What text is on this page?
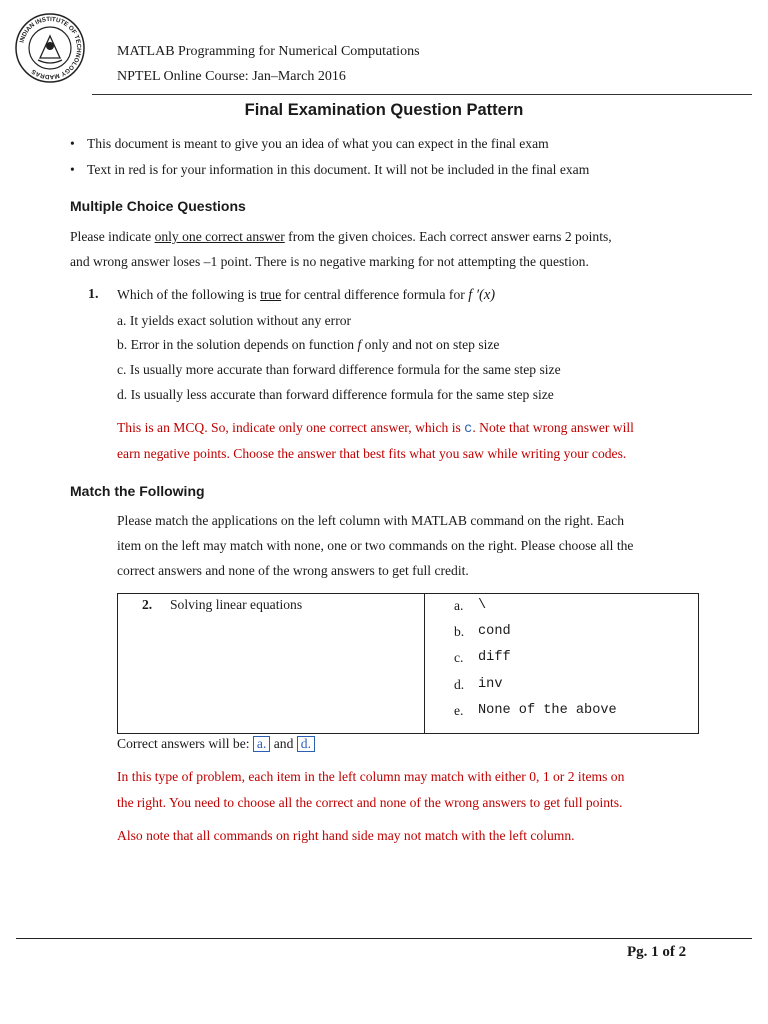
INDIAN INSTITUTE OF TECHNOLOGY MADRAS
MATLAB Programming for Numerical Computations
NPTEL Online Course: Jan–March 2016
Final Examination Question Pattern
• This document is meant to give you an idea of what you can expect in the final exam
• Text in red is for your information in this document. It will not be included in the final exam
Multiple Choice Questions
Please indicate only one correct answer from the given choices. Each correct answer earns 2 points,
and wrong answer loses –1 point. There is no negative marking for not attempting the question.
1. Which of the following is true for central difference formula for f ′(x)
a. It yields exact solution without any error
b. Error in the solution depends on function f only and not on step size
c. Is usually more accurate than forward difference formula for the same step size
d. Is usually less accurate than forward difference formula for the same step size
This is an MCQ. So, indicate only one correct answer, which is c. Note that wrong answer will
earn negative points. Choose the answer that best fits what you saw while writing your codes.
Match the Following
Please match the applications on the left column with MATLAB command on the right. Each
item on the left may match with none, one or two commands on the right. Please choose all the
correct answers and none of the wrong answers to get full credit.
2. Solving linear equations	a. \
b. cond
c. diff
d. inv
e. None of the above
Correct answers will be: a. and d.
In this type of problem, each item in the left column may match with either 0, 1 or 2 items on
the right. You need to choose all the correct and none of the wrong answers to get full points.
Also note that all commands on right hand side may not match with the left column.
Pg. 1 of 2
